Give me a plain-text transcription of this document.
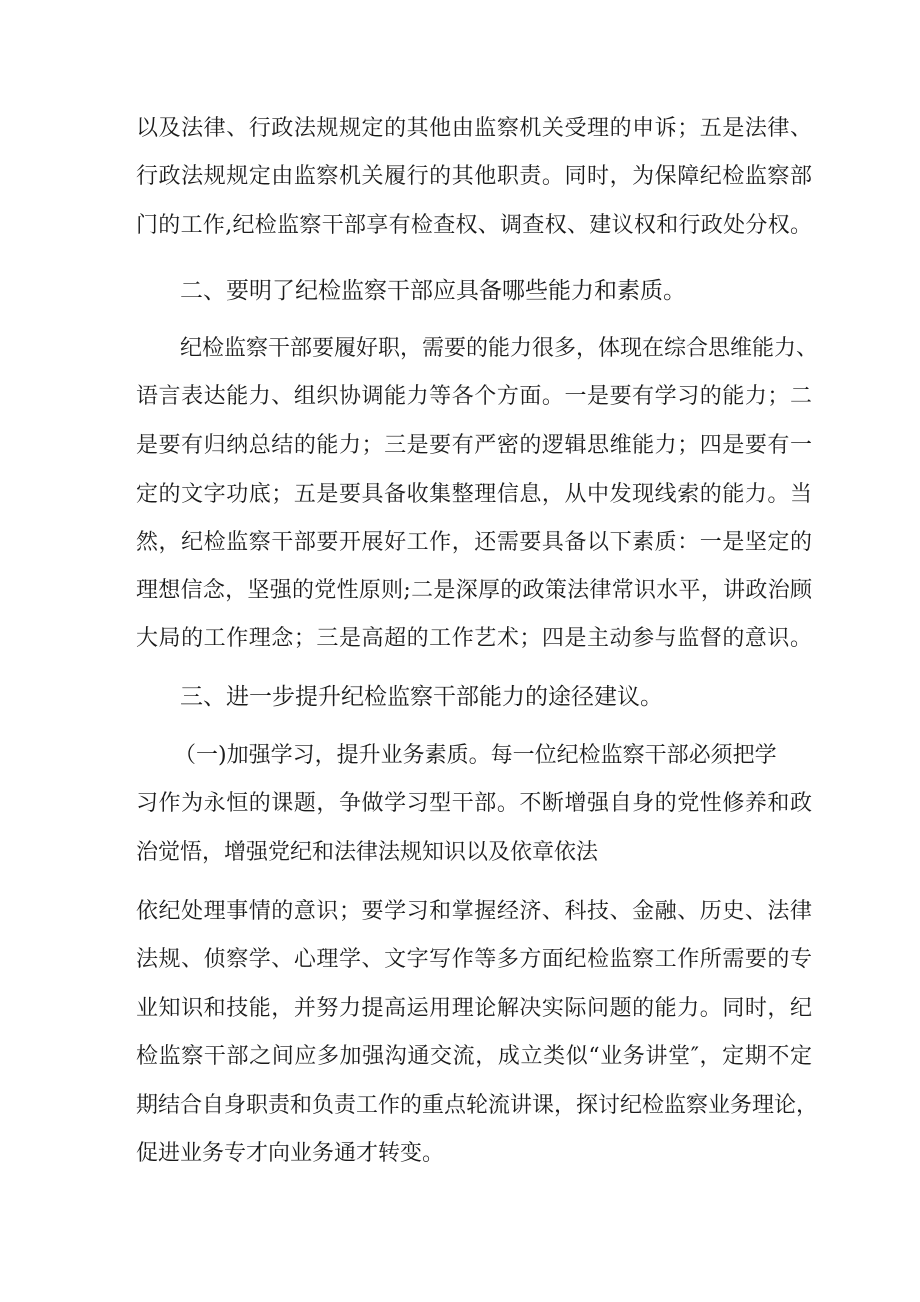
以及法律、行政法规规定的其他由监察机关受理的申诉；五是法律、
行政法规规定由监察机关履行的其他职责。同时，为保障纪检监察部
门的工作,纪检监察干部享有检查权、调查权、建议权和行政处分权。
二、要明了纪检监察干部应具备哪些能力和素质。
纪检监察干部要履好职，需要的能力很多，体现在综合思维能力、
语言表达能力、组织协调能力等各个方面。一是要有学习的能力；二
是要有归纳总结的能力；三是要有严密的逻辑思维能力；四是要有一
定的文字功底；五是要具备收集整理信息，从中发现线索的能力。当
然，纪检监察干部要开展好工作，还需要具备以下素质：一是坚定的
理想信念，坚强的党性原则;二是深厚的政策法律常识水平，讲政治顾
大局的工作理念；三是高超的工作艺术；四是主动参与监督的意识。
三、进一步提升纪检监察干部能力的途径建议。
（一)加强学习，提升业务素质。每一位纪检监察干部必须把学
习作为永恒的课题，争做学习型干部。不断增强自身的党性修养和政
治觉悟，增强党纪和法律法规知识以及依章依法
依纪处理事情的意识；要学习和掌握经济、科技、金融、历史、法律
法规、侦察学、心理学、文字写作等多方面纪检监察工作所需要的专
业知识和技能，并努力提高运用理论解决实际问题的能力。同时，纪
检监察干部之间应多加强沟通交流，成立类似“业务讲堂″，定期不定
期结合自身职责和负责工作的重点轮流讲课，探讨纪检监察业务理论，
促进业务专才向业务通才转变。
